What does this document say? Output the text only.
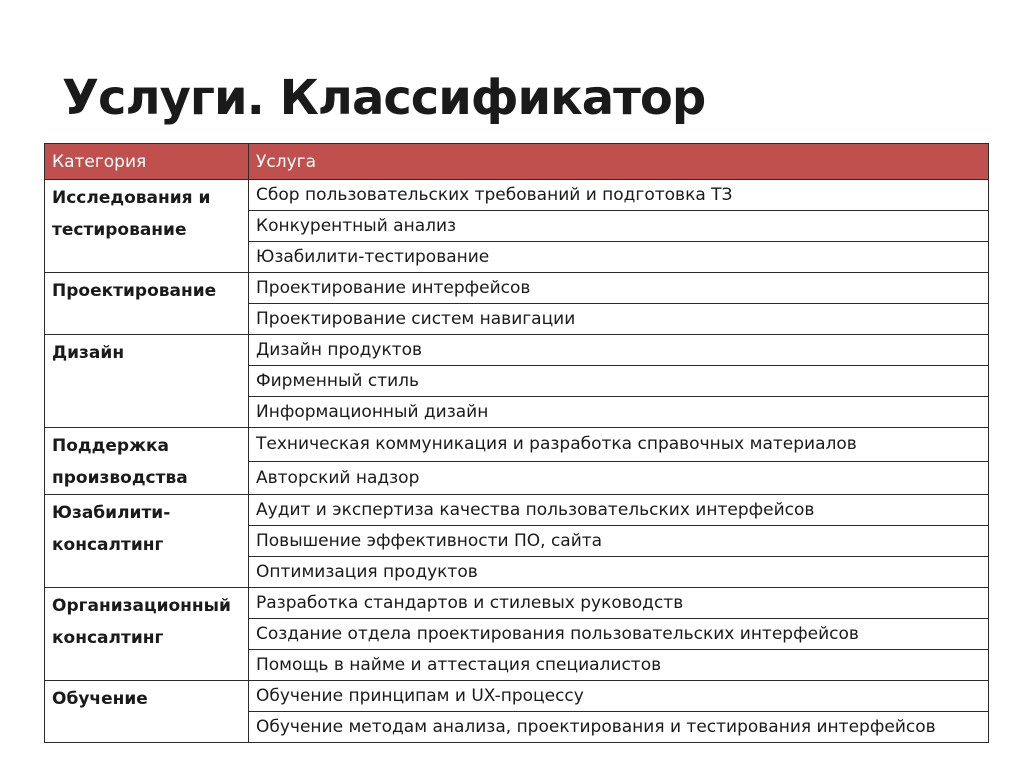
Услуги. Классификатор
Категория	Услуга
Исследования и тестирование	Сбор пользовательских требований и подготовка ТЗ
	Конкурентный анализ
	Юзабилити-тестирование
Проектирование	Проектирование интерфейсов
	Проектирование систем навигации
Дизайн	Дизайн продуктов
	Фирменный стиль
	Информационный дизайн
Поддержка производства	Техническая коммуникация и разработка справочных материалов
	Авторский надзор
Юзабилити-консалтинг	Аудит и экспертиза качества пользовательских интерфейсов
	Повышение эффективности ПО, сайта
	Оптимизация продуктов
Организационный консалтинг	Разработка стандартов и стилевых руководств
	Создание отдела проектирования пользовательских интерфейсов
	Помощь в найме и аттестация специалистов
Обучение	Обучение принципам и UX-процессу
	Обучение методам анализа, проектирования и тестирования интерфейсов
